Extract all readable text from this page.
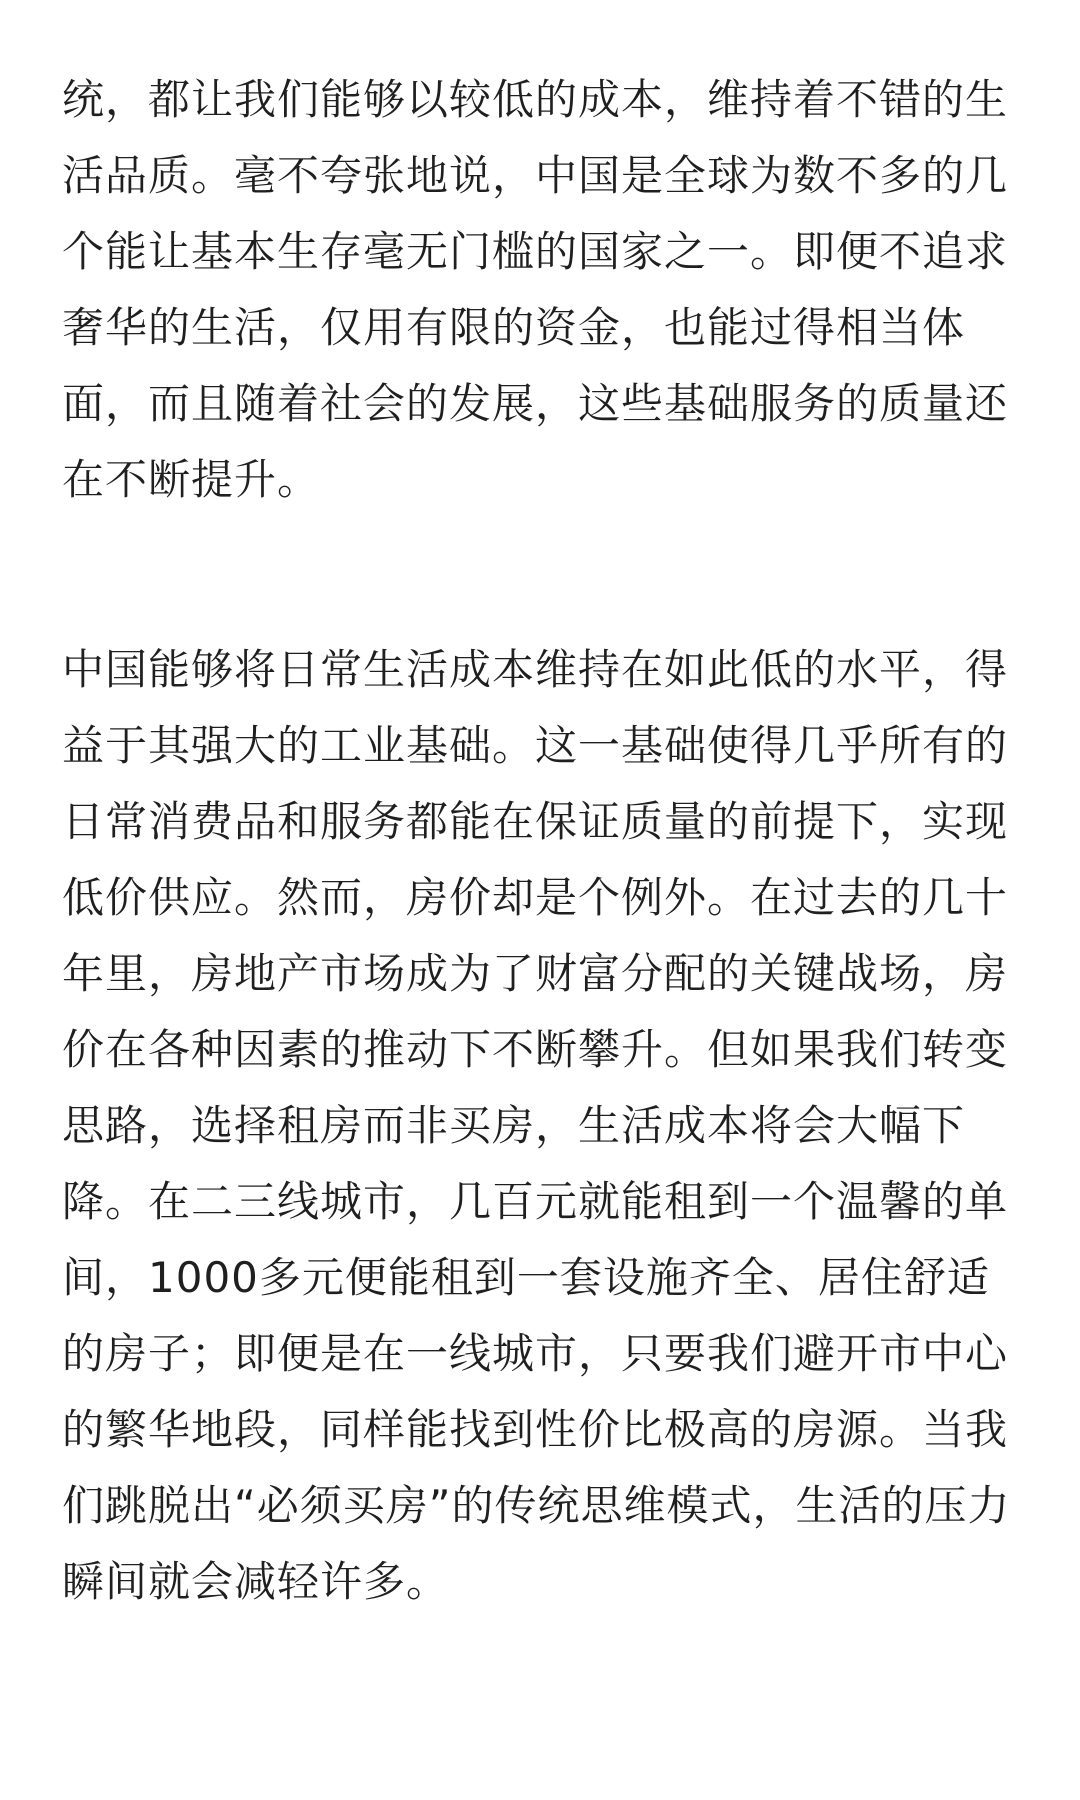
统，都让我们能够以较低的成本，维持着不错的生
活品质。毫不夸张地说，中国是全球为数不多的几
个能让基本生存毫无门槛的国家之一。即便不追求
奢华的生活，仅用有限的资金，也能过得相当体
面，而且随着社会的发展，这些基础服务的质量还
在不断提升。
中国能够将日常生活成本维持在如此低的水平，得
益于其强大的工业基础。这一基础使得几乎所有的
日常消费品和服务都能在保证质量的前提下，实现
低价供应。然而，房价却是个例外。在过去的几十
年里，房地产市场成为了财富分配的关键战场，房
价在各种因素的推动下不断攀升。但如果我们转变
思路，选择租房而非买房，生活成本将会大幅下
降。在二三线城市，几百元就能租到一个温馨的单
间，1000多元便能租到一套设施齐全、居住舒适
的房子；即便是在一线城市，只要我们避开市中心
的繁华地段，同样能找到性价比极高的房源。当我
们跳脱出“必须买房”的传统思维模式，生活的压力
瞬间就会减轻许多。
